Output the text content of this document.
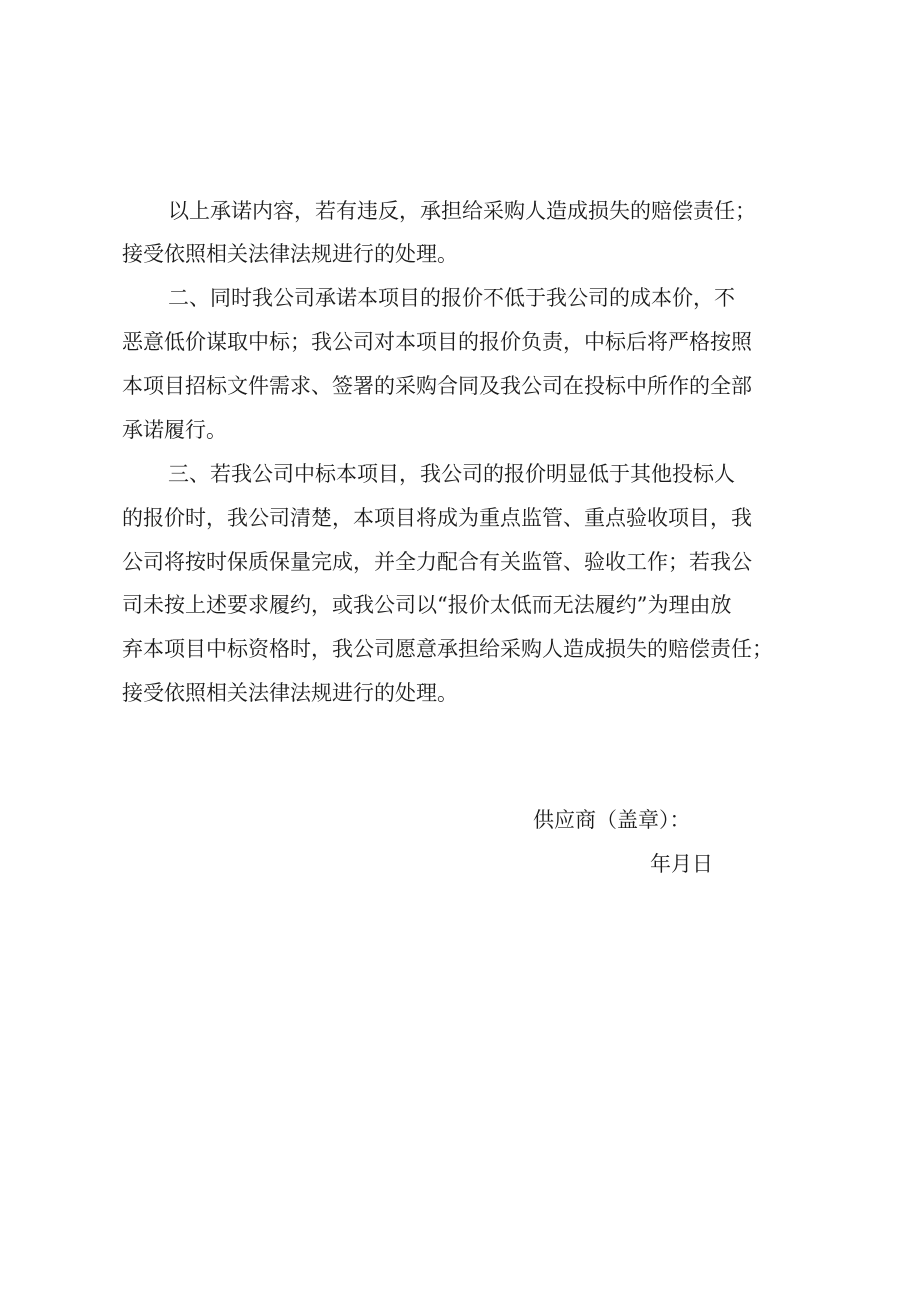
以上承诺内容，若有违反，承担给采购人造成损失的赔偿责任；
接受依照相关法律法规进行的处理。
二、同时我公司承诺本项目的报价不低于我公司的成本价，不
恶意低价谋取中标；我公司对本项目的报价负责，中标后将严格按照
本项目招标文件需求、签署的采购合同及我公司在投标中所作的全部
承诺履行。
三、若我公司中标本项目，我公司的报价明显低于其他投标人
的报价时，我公司清楚，本项目将成为重点监管、重点验收项目，我
公司将按时保质保量完成，并全力配合有关监管、验收工作；若我公
司未按上述要求履约，或我公司以“报价太低而无法履约”为理由放
弃本项目中标资格时，我公司愿意承担给采购人造成损失的赔偿责任；
接受依照相关法律法规进行的处理。
供应商（盖章）：
年月日
